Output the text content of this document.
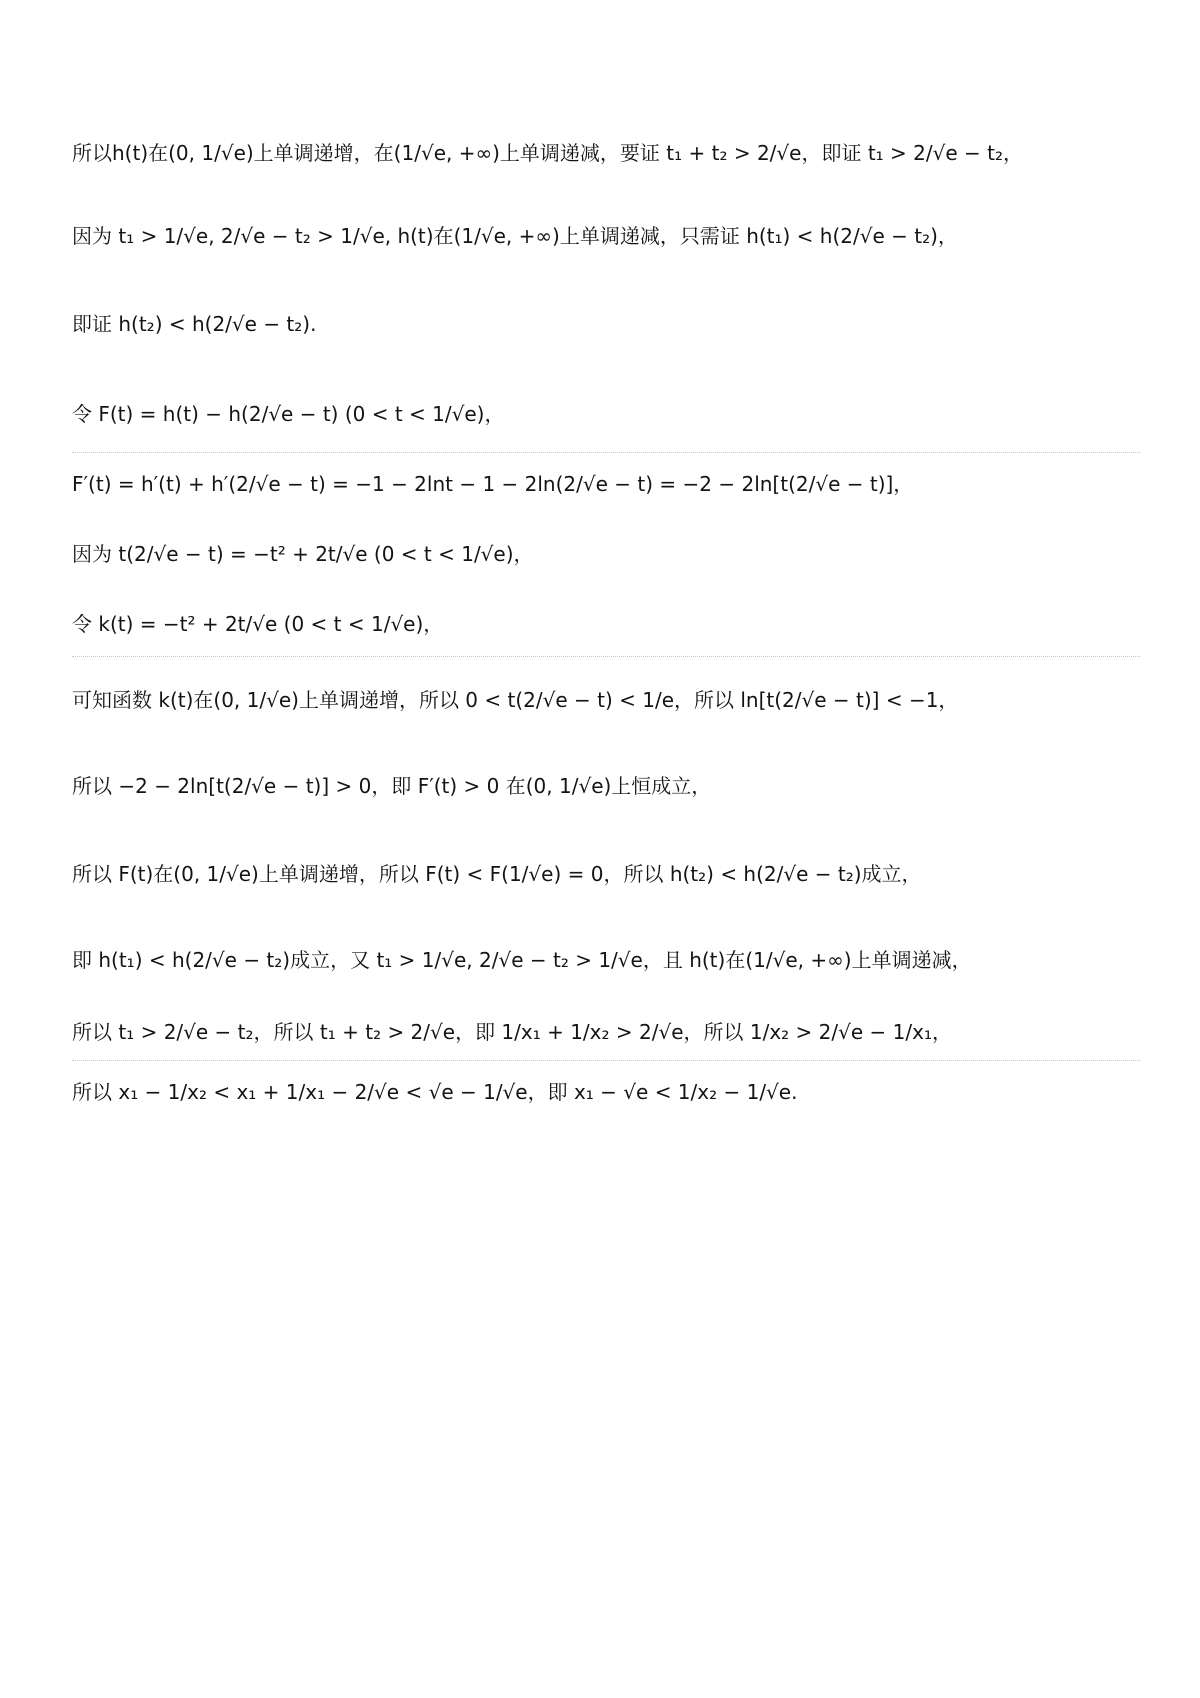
所以h(t)在(0, 1/√e)上单调递增，在(1/√e, +∞)上单调递减，要证 t₁ + t₂ > 2/√e，即证 t₁ > 2/√e − t₂，
因为 t₁ > 1/√e, 2/√e − t₂ > 1/√e, h(t)在(1/√e, +∞)上单调递减，只需证 h(t₁) < h(2/√e − t₂)，
即证 h(t₂) < h(2/√e − t₂).
令 F(t) = h(t) − h(2/√e − t) (0 < t < 1/√e)，
F′(t) = h′(t) + h′(2/√e − t) = −1 − 2lnt − 1 − 2ln(2/√e − t) = −2 − 2ln[t(2/√e − t)]，
因为 t(2/√e − t) = −t² + 2t/√e (0 < t < 1/√e)，
令 k(t) = −t² + 2t/√e (0 < t < 1/√e)，
可知函数 k(t)在(0, 1/√e)上单调递增，所以 0 < t(2/√e − t) < 1/e，所以 ln[t(2/√e − t)] < −1，
所以 −2 − 2ln[t(2/√e − t)] > 0，即 F′(t) > 0 在(0, 1/√e)上恒成立，
所以 F(t)在(0, 1/√e)上单调递增，所以 F(t) < F(1/√e) = 0，所以 h(t₂) < h(2/√e − t₂)成立，
即 h(t₁) < h(2/√e − t₂)成立，又 t₁ > 1/√e, 2/√e − t₂ > 1/√e，且 h(t)在(1/√e, +∞)上单调递减，
所以 t₁ > 2/√e − t₂，所以 t₁ + t₂ > 2/√e，即 1/x₁ + 1/x₂ > 2/√e，所以 1/x₂ > 2/√e − 1/x₁，
所以 x₁ − 1/x₂ < x₁ + 1/x₁ − 2/√e < √e − 1/√e，即 x₁ − √e < 1/x₂ − 1/√e.
